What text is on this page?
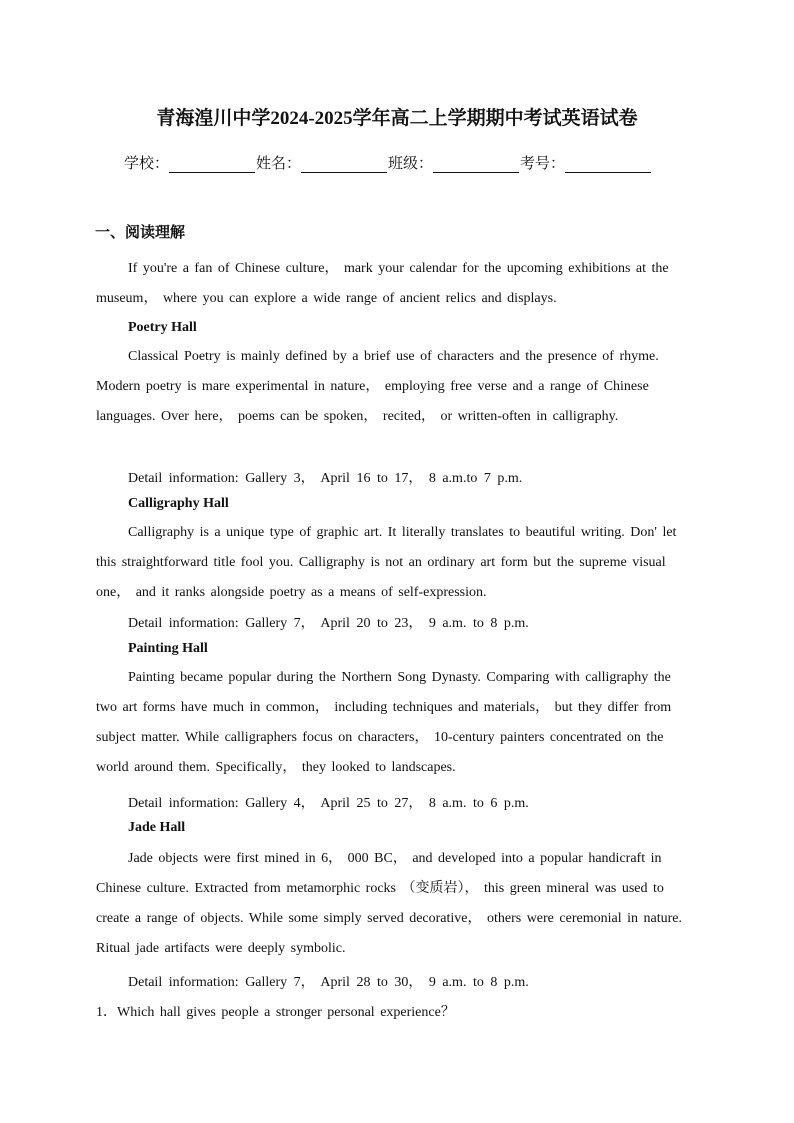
青海湟川中学2024-2025学年高二上学期期中考试英语试卷
学校：	姓名：	班级：	考号：
一、阅读理解
If you're a fan of Chinese culture， mark your calendar for the upcoming exhibitions at the museum， where you can explore a wide range of ancient relics and displays.
Poetry Hall
Classical Poetry is mainly defined by a brief use of characters and the presence of rhyme. Modern poetry is mare experimental in nature， employing free verse and a range of Chinese languages. Over here， poems can be spoken， recited， or written-often in calligraphy.
Detail information: Gallery 3， April 16 to 17， 8 a.m.to 7 p.m.
Calligraphy Hall
Calligraphy is a unique type of graphic art. It literally translates to beautiful writing. Don' let this straightforward title fool you. Calligraphy is not an ordinary art form but the supreme visual one， and it ranks alongside poetry as a means of self-expression.
Detail information: Gallery 7， April 20 to 23， 9 a.m. to 8 p.m.
Painting Hall
Painting became popular during the Northern Song Dynasty. Comparing with calligraphy the two art forms have much in common， including techniques and materials， but they differ from subject matter. While calligraphers focus on characters， 10-century painters concentrated on the world around them. Specifically， they looked to landscapes.
Detail information: Gallery 4， April 25 to 27， 8 a.m. to 6 p.m.
Jade Hall
Jade objects were first mined in 6， 000 BC， and developed into a popular handicraft in Chinese culture. Extracted from metamorphic rocks （变质岩）， this green mineral was used to create a range of objects. While some simply served decorative， others were ceremonial in nature. Ritual jade artifacts were deeply symbolic.
Detail information: Gallery 7， April 28 to 30， 9 a.m. to 8 p.m.
1．Which hall gives people a stronger personal experience？
